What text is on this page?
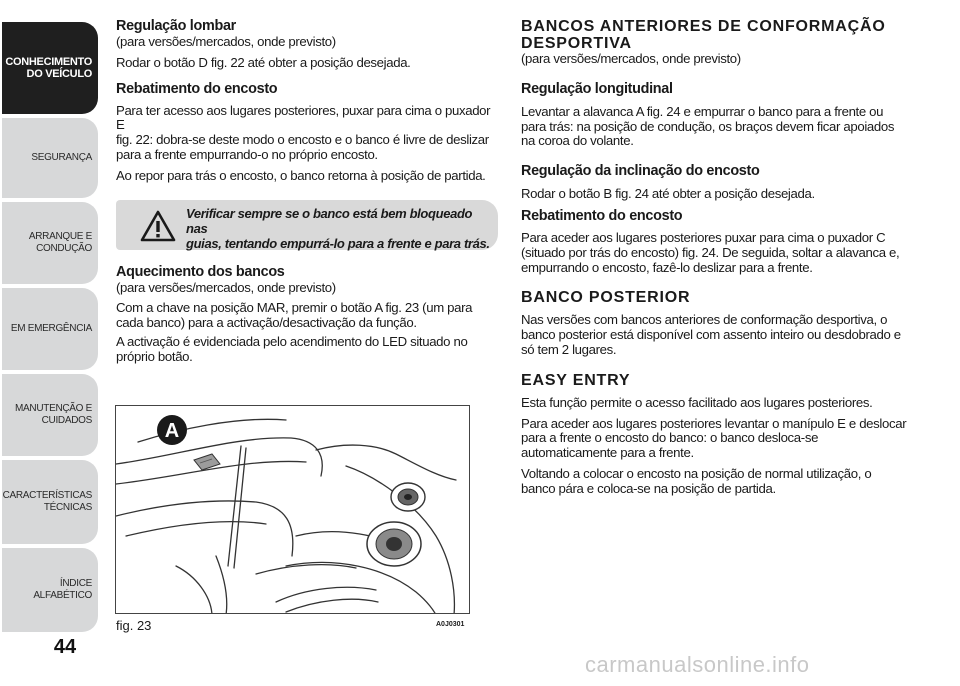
CONHECIMENTO
DO VEÍCULO
SEGURANÇA
ARRANQUE E
CONDUÇÃO
EM EMERGÊNCIA
MANUTENÇÃO E
CUIDADOS
CARACTERÍSTICAS
TÉCNICAS
ÍNDICE ALFABÉTICO
44
Regulação lombar

(para versões/mercados, onde previsto)

Rodar o botão D fig. 22 até obter a posição desejada.

Rebatimento do encosto
Para ter acesso aos lugares posteriores, puxar para cima o puxador E
fig. 22: dobra-se deste modo o encosto e o banco é livre de deslizar
para a frente empurrando-o no próprio encosto.

Ao repor para trás o encosto, o banco retorna à posição de partida.

Verificar sempre se o banco está bem bloqueado nas
guias, tentando empurrá-lo para a frente e para trás.
Aquecimento dos bancos

(para versões/mercados, onde previsto)

Com a chave na posição MAR, premir o botão A fig. 23 (um para
cada banco) para a activação/desactivação da função.
A activação é evidenciada pelo acendimento do LED situado no
próprio botão.
A
fig. 23	A0J0301
BANCOS ANTERIORES DE CONFORMAÇÃO
DESPORTIVA

(para versões/mercados, onde previsto)

Regulação longitudinal
Levantar a alavanca A fig. 24 e empurrar o banco para a frente ou
para trás: na posição de condução, os braços devem ficar apoiados
na coroa do volante.
Regulação da inclinação do encosto

Rodar o botão B fig. 24 até obter a posição desejada.

Rebatimento do encosto
Para aceder aos lugares posteriores puxar para cima o puxador C
(situado por trás do encosto) fig. 24. De seguida, soltar a alavanca e,
empurrando o encosto, fazê-lo deslizar para a frente.
BANCO POSTERIOR
Nas versões com bancos anteriores de conformação desportiva, o
banco posterior está disponível com assento inteiro ou desdobrado e
só tem 2 lugares.
EASY ENTRY

Esta função permite o acesso facilitado aos lugares posteriores.

Para aceder aos lugares posteriores levantar o manípulo E e deslocar
para a frente o encosto do banco: o banco desloca-se
automaticamente para a frente.
Voltando a colocar o encosto na posição de normal utilização, o
banco pára e coloca-se na posição de partida.
carmanualsonline.info
